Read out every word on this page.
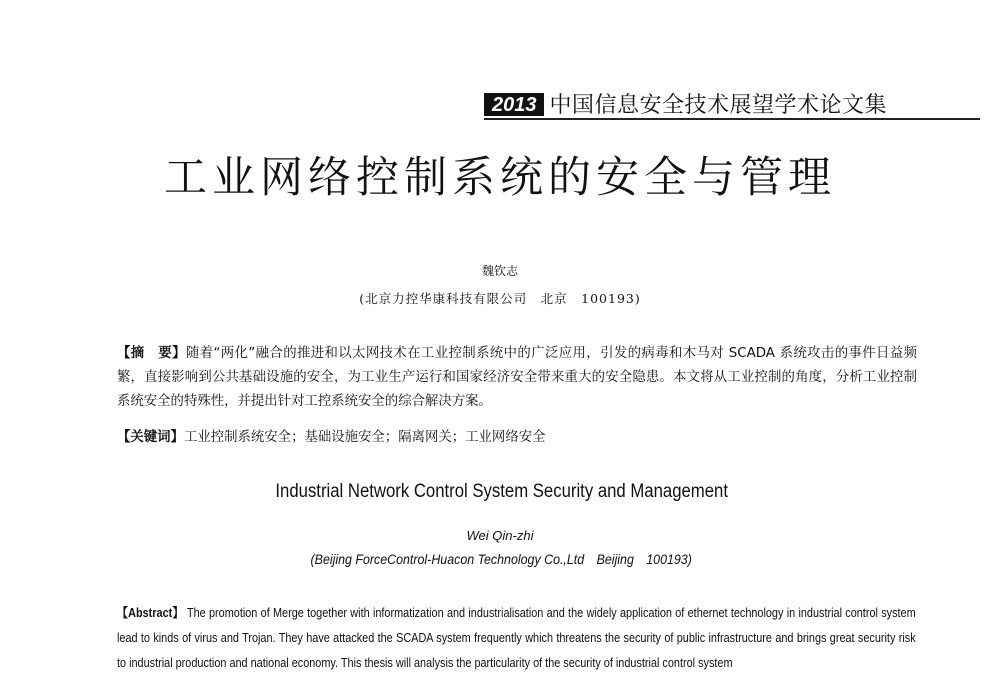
2013 中国信息安全技术展望学术论文集
工业网络控制系统的安全与管理
魏钦志
(北京力控华康科技有限公司　北京　100193)

【摘　要】随着“两化”融合的推进和以太网技术在工业控制系统中的广泛应用，引发的病毒和木马对 SCADA 系统攻击的事件日益频繁，直接影响到公共基础设施的安全，为工业生产运行和国家经济安全带来重大的安全隐患。本文将从工业控制的角度，分析工业控制系统安全的特殊性，并提出针对工控系统安全的综合解决方案。

【关键词】工业控制系统安全；基础设施安全；隔离网关；工业网络安全

Industrial Network Control System Security and Management
Wei Qin-zhi
(Beijing ForceControl-Huacon Technology Co.,Ltd　Beijing　100193)

【Abstract】 The promotion of Merge together with informatization and industrialisation and the widely application of ethernet technology in industrial control system lead to kinds of virus and Trojan. They have attacked the SCADA system frequently which threatens the security of public infrastructure and brings great security risk to industrial production and national economy. This thesis will analysis the particularity of the security of industrial control system
